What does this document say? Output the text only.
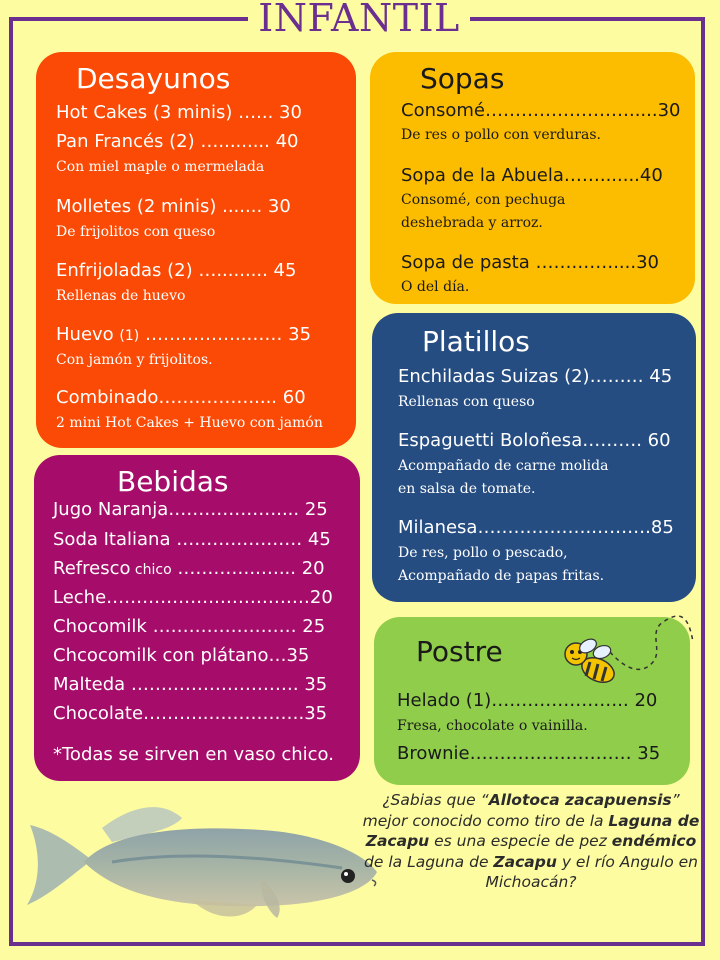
INFANTIL
Desayunos
Hot Cakes (3 minis) …... 30
Pan Francés (2) …......... 40
Con miel maple o mermelada
Molletes (2 minis) ....... 30
De frijolitos con queso
Enfrijoladas (2) …......... 45
Rellenas de huevo
Huevo (1) ……………..…… 35
Con jamón y frijolitos.
Combinado……………..... 60
2 mini Hot Cakes + Huevo con jamón
Sopas
Consomé…………………….....30
De res o pollo con verduras.
Sopa de la Abuela…….......40
Consomé, con pechuga
deshebrada y arroz.
Sopa de pasta …….……....30
O del día.
Platillos
Enchiladas Suizas (2)……… 45
Rellenas con queso
Espaguetti Boloñesa………. 60
Acompañado de carne molida
en salsa de tomate.
Milanesa……………….……….85
De res, pollo o pescado,
Acompañado de papas fritas.
Bebidas
Jugo Naranja……………….... 25
Soda Italiana ………………… 45
Refresco chico …………..…... 20
Leche……………….……………20
Chocomilk …………………… 25
Chcocomilk con plátano…35
Malteda ………………………. 35
Chocolate………..…………….35
*Todas se sirven en vaso chico.
Postre
Helado (1)………………….. 20
Fresa, chocolate o vainilla.
Brownie……………………… 35
¿Sabias que “Allotoca zacapuensis” mejor conocido como tiro de la Laguna de Zacapu es una especie de pez endémico de la Laguna de Zacapu y el río Angulo en Michoacán?
